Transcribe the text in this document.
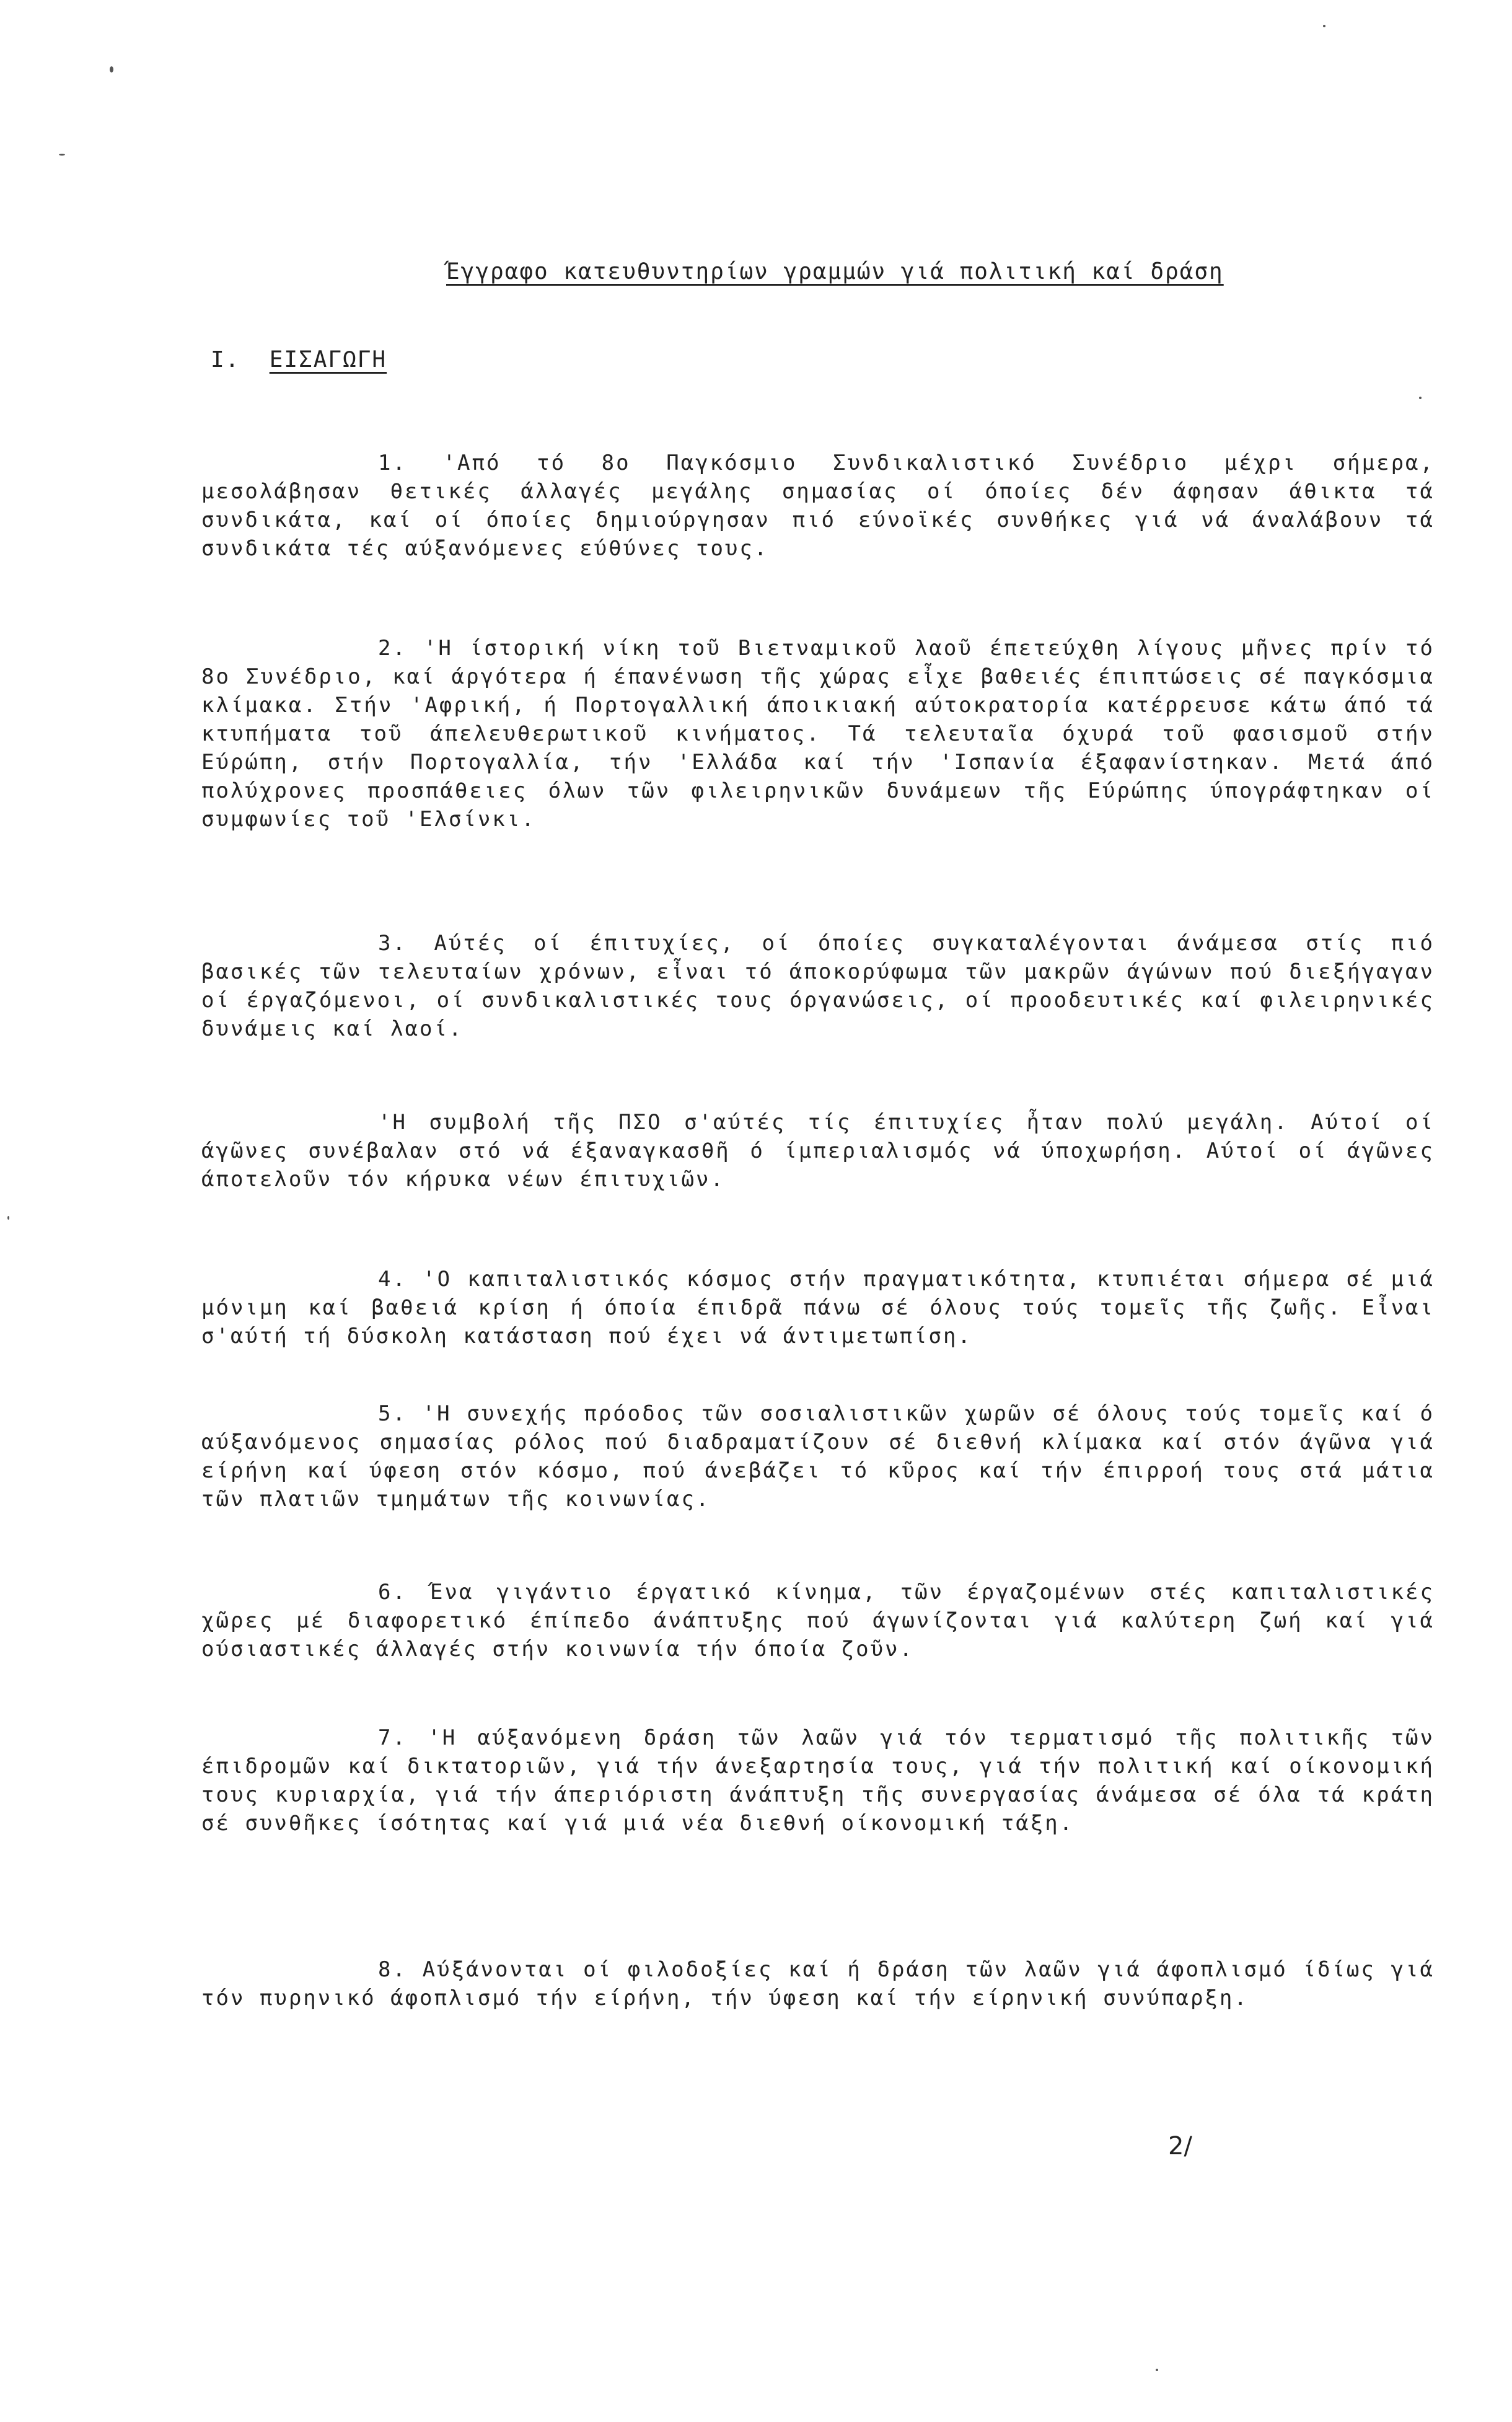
Έγγραφο κατευθυντηρίων γραμμών γιά πολιτική καί δράση
I. ΕΙΣΑΓΩΓΗ

1. 'Από τό 8ο Παγκόσμιο Συνδικαλιστικό Συνέδριο μέχρι σήμερα, μεσολάβησαν θετικές άλλαγές μεγάλης σημασίας οί όποίες δέν άφησαν άθικτα τά συνδικάτα, καί οί όποίες δημιούργησαν πιό εύνοϊκές συνθήκες γιά νά άναλάβουν τά συνδικάτα τές αύξανόμενες εύθύνες τους.

2. 'Η ίστορική νίκη τοῦ Βιετναμικοῦ λαοῦ έπετεύχθη λίγους μῆνες πρίν τό 8ο Συνέδριο, καί άργότερα ή έπανένωση τῆς χώρας εἶχε βαθειές έπιπτώσεις σέ παγκόσμια κλίμακα. Στήν 'Αφρική, ή Πορτογαλλική άποικιακή αύτοκρατορία κατέρρευσε κάτω άπό τά κτυπήματα τοῦ άπελευθερωτικοῦ κινήματος. Τά τελευταῖα όχυρά τοῦ φασισμοῦ στήν Εύρώπη, στήν Πορτογαλλία, τήν 'Ελλάδα καί τήν 'Ισπανία έξαφανίστηκαν. Μετά άπό πολύχρονες προσπάθειες όλων τῶν φιλειρηνικῶν δυνάμεων τῆς Εύρώπης ύπογράφτηκαν οί συμφωνίες τοῦ 'Ελσίνκι.

3. Αύτές οί έπιτυχίες, οί όποίες συγκαταλέγονται άνάμεσα στίς πιό βασικές τῶν τελευταίων χρόνων, εἶναι τό άποκορύφωμα τῶν μακρῶν άγώνων πού διεξήγαγαν οί έργαζόμενοι, οί συνδικαλιστικές τους όργανώσεις, οί προοδευτικές καί φιλειρηνικές δυνάμεις καί λαοί.

'Η συμβολή τῆς ΠΣΟ σ'αύτές τίς έπιτυχίες ἦταν πολύ μεγάλη. Αύτοί οί άγῶνες συνέβαλαν στό νά έξαναγκασθῆ ό ίμπεριαλισμός νά ύποχωρήση. Αύτοί οί άγῶνες άποτελοῦν τόν κήρυκα νέων έπιτυχιῶν.

4. 'Ο καπιταλιστικός κόσμος στήν πραγματικότητα, κτυπιέται σήμερα σέ μιά μόνιμη καί βαθειά κρίση ή όποία έπιδρᾶ πάνω σέ όλους τούς τομεῖς τῆς ζωῆς. Εἶναι σ'αύτή τή δύσκολη κατάσταση πού έχει νά άντιμετωπίση.

5. 'Η συνεχής πρόοδος τῶν σοσιαλιστικῶν χωρῶν σέ όλους τούς τομεῖς καί ό αύξανόμενος σημασίας ρόλος πού διαδραματίζουν σέ διεθνή κλίμακα καί στόν άγῶνα γιά είρήνη καί ύφεση στόν κόσμο, πού άνεβάζει τό κῦρος καί τήν έπιρροή τους στά μάτια τῶν πλατιῶν τμημάτων τῆς κοινωνίας.

6. Ένα γιγάντιο έργατικό κίνημα, τῶν έργαζομένων στές καπιταλιστικές χῶρες μέ διαφορετικό έπίπεδο άνάπτυξης πού άγωνίζονται γιά καλύτερη ζωή καί γιά ούσιαστικές άλλαγές στήν κοινωνία τήν όποία ζοῦν.

7. 'Η αύξανόμενη δράση τῶν λαῶν γιά τόν τερματισμό τῆς πολιτικῆς τῶν έπιδρομῶν καί δικτατοριῶν, γιά τήν άνεξαρτησία τους, γιά τήν πολιτική καί οίκονομική τους κυριαρχία, γιά τήν άπεριόριστη άνάπτυξη τῆς συνεργασίας άνάμεσα σέ όλα τά κράτη σέ συνθῆκες ίσότητας καί γιά μιά νέα διεθνή οίκονομική τάξη.

8. Αύξάνονται οί φιλοδοξίες καί ή δράση τῶν λαῶν γιά άφοπλισμό ίδίως γιά τόν πυρηνικό άφοπλισμό τήν είρήνη, τήν ύφεση καί τήν είρηνική συνύπαρξη.

2/
